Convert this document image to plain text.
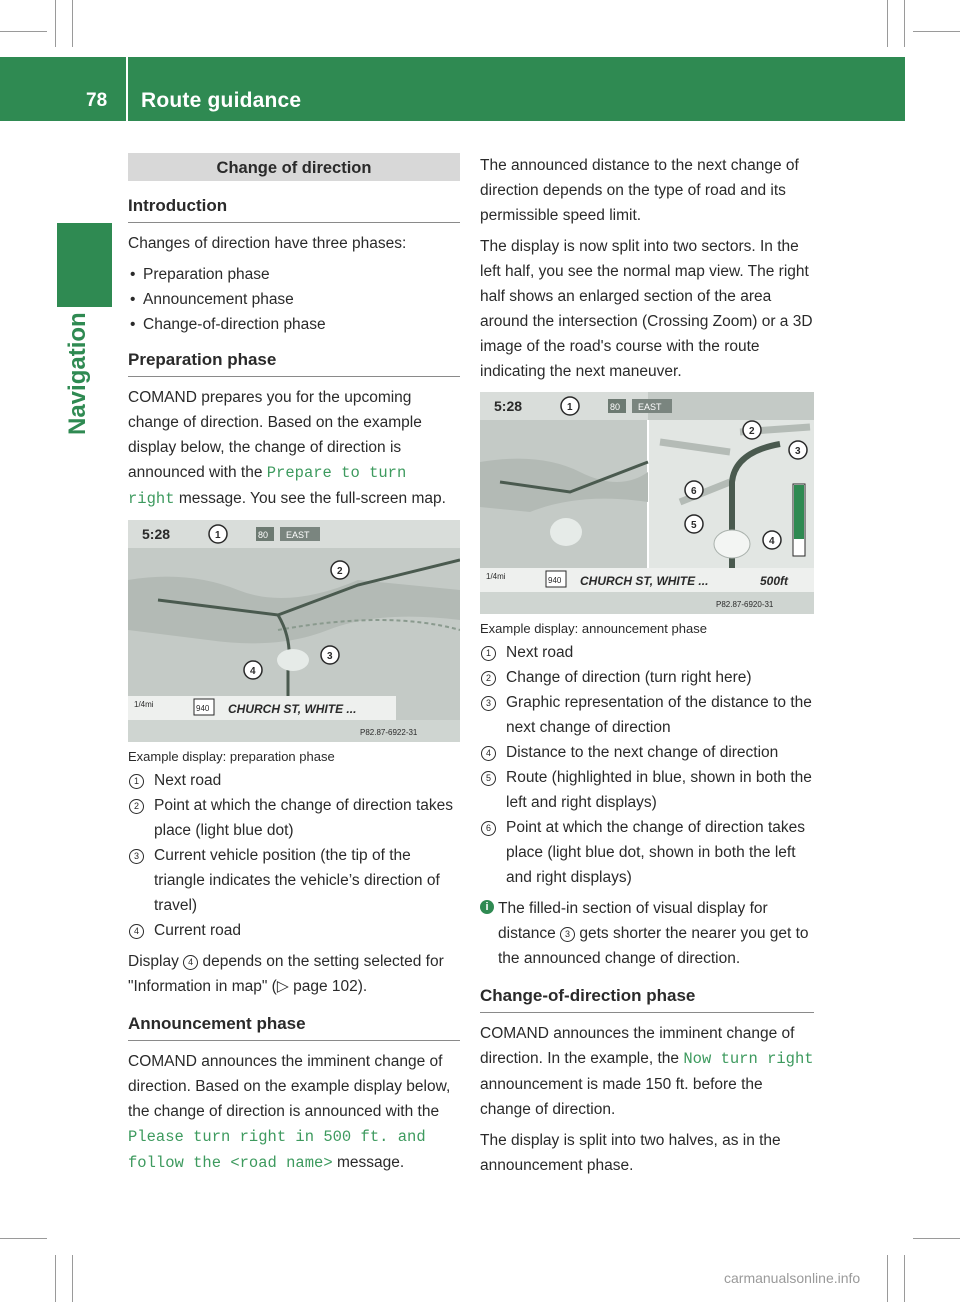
78 Route guidance
Navigation
Change of direction
Introduction

Changes of direction have three phases:

• Preparation phase
• Announcement phase
• Change-of-direction phase
Preparation phase

COMAND prepares you for the upcoming change of direction. Based on the example display below, the change of direction is announced with the Prepare to turn right message. You see the full-screen map.

5:28	80 EAST
1/4mi	940 CHURCH ST, WHITE ...
P82.87-6922-31
1
2
3
4
Example display: preparation phase
1 Next road
2 Point at which the change of direction takes place (light blue dot)
3 Current vehicle position (the tip of the triangle indicates the vehicle’s direction of travel)
4 Current road

Display 4 depends on the setting selected for "Information in map" (▷ page 102).

Announcement phase

COMAND announces the imminent change of direction. Based on the example display below, the change of direction is announced with the Please turn right in 500 ft. and follow the <road name> message.

The announced distance to the next change of direction depends on the type of road and its permissible speed limit.

The display is now split into two sectors. In the left half, you see the normal map view. The right half shows an enlarged section of the area around the intersection (Crossing Zoom) or a 3D image of the road's course with the route indicating the next maneuver.

5:28	80 EAST
1/4mi	940 CHURCH ST, WHITE ...	500ft
P82.87-6920-31
1
2
3
4
5
6
Example display: announcement phase
1 Next road
2 Change of direction (turn right here)
3 Graphic representation of the distance to the next change of direction
4 Distance to the next change of direction
5 Route (highlighted in blue, shown in both the left and right displays)
6 Point at which the change of direction takes place (light blue dot, shown in both the left and right displays)
i The filled-in section of visual display for distance 3 gets shorter the nearer you get to the announced change of direction.
Change-of-direction phase

COMAND announces the imminent change of direction. In the example, the Now turn right announcement is made 150 ft. before the change of direction.

The display is split into two halves, as in the announcement phase.

carmanualsonline.info
